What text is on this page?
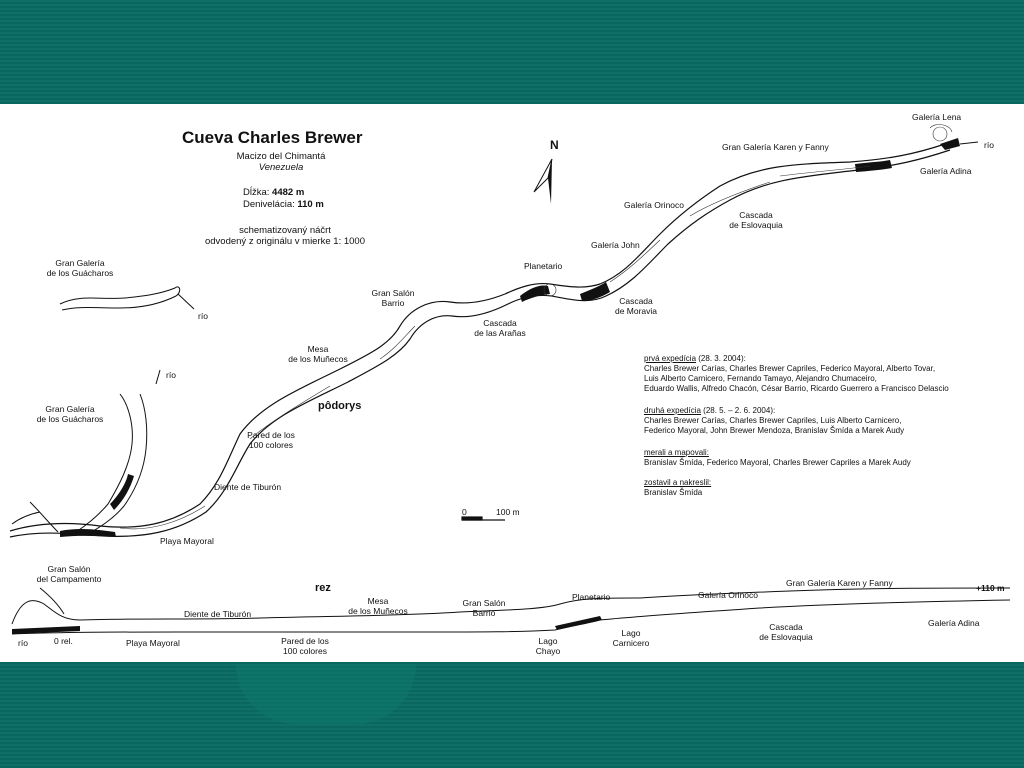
Cueva Charles Brewer
Macizo del Chimantá
Venezuela
Dĺžka: 4482 m
Denivelácia: 110 m
schematizovaný náčrt
odvodený z originálu v mierke 1: 1000
N
pôdorys
rez
0	100 m
Galería Lena
río
Gran Galería Karen y Fanny
Galería Adina
Galería Orinoco
Cascada
de Eslovaquia
Galería John
Planetario
Cascada
de Moravia
Gran Salón
Barrio
Cascada
de las Arañas
Mesa
de los Muñecos
Gran Galería
de los Guácharos
río
río
Gran Galería
de los Guácharos
Pared de los
100 colores
Diente de Tiburón
Playa Mayoral
Gran Salón
del Campamento	Gran Galería Karen y Fanny	+110 m
Galería Orinoco
Planetario
Gran Salón
Barrio
Mesa
de los Muñecos
Diente de Tiburón
río	0 rel.	Playa Mayoral	Pared de los
100 colores
Lago
Chayo
Lago
Carnicero
Cascada
de Eslovaquia
Galería Adina
prvá expedícia (28. 3. 2004):
Charles Brewer Carías, Charles Brewer Capriles, Federico Mayoral, Alberto Tovar,
Luis Alberto Carnicero, Fernando Tamayo, Alejandro Chumaceiro,
Eduardo Wallis, Alfredo Chacón, César Barrio, Ricardo Guerrero a Francisco Delascio
druhá expedícia (28. 5. – 2. 6. 2004):
Charles Brewer Carías, Charles Brewer Capriles, Luis Alberto Carnicero,
Federico Mayoral, John Brewer Mendoza, Branislav Šmída a Marek Audy
merali a mapovali:
Branislav Šmída, Federico Mayoral, Charles Brewer Capriles a Marek Audy
zostavil a nakreslil:
Branislav Šmída
